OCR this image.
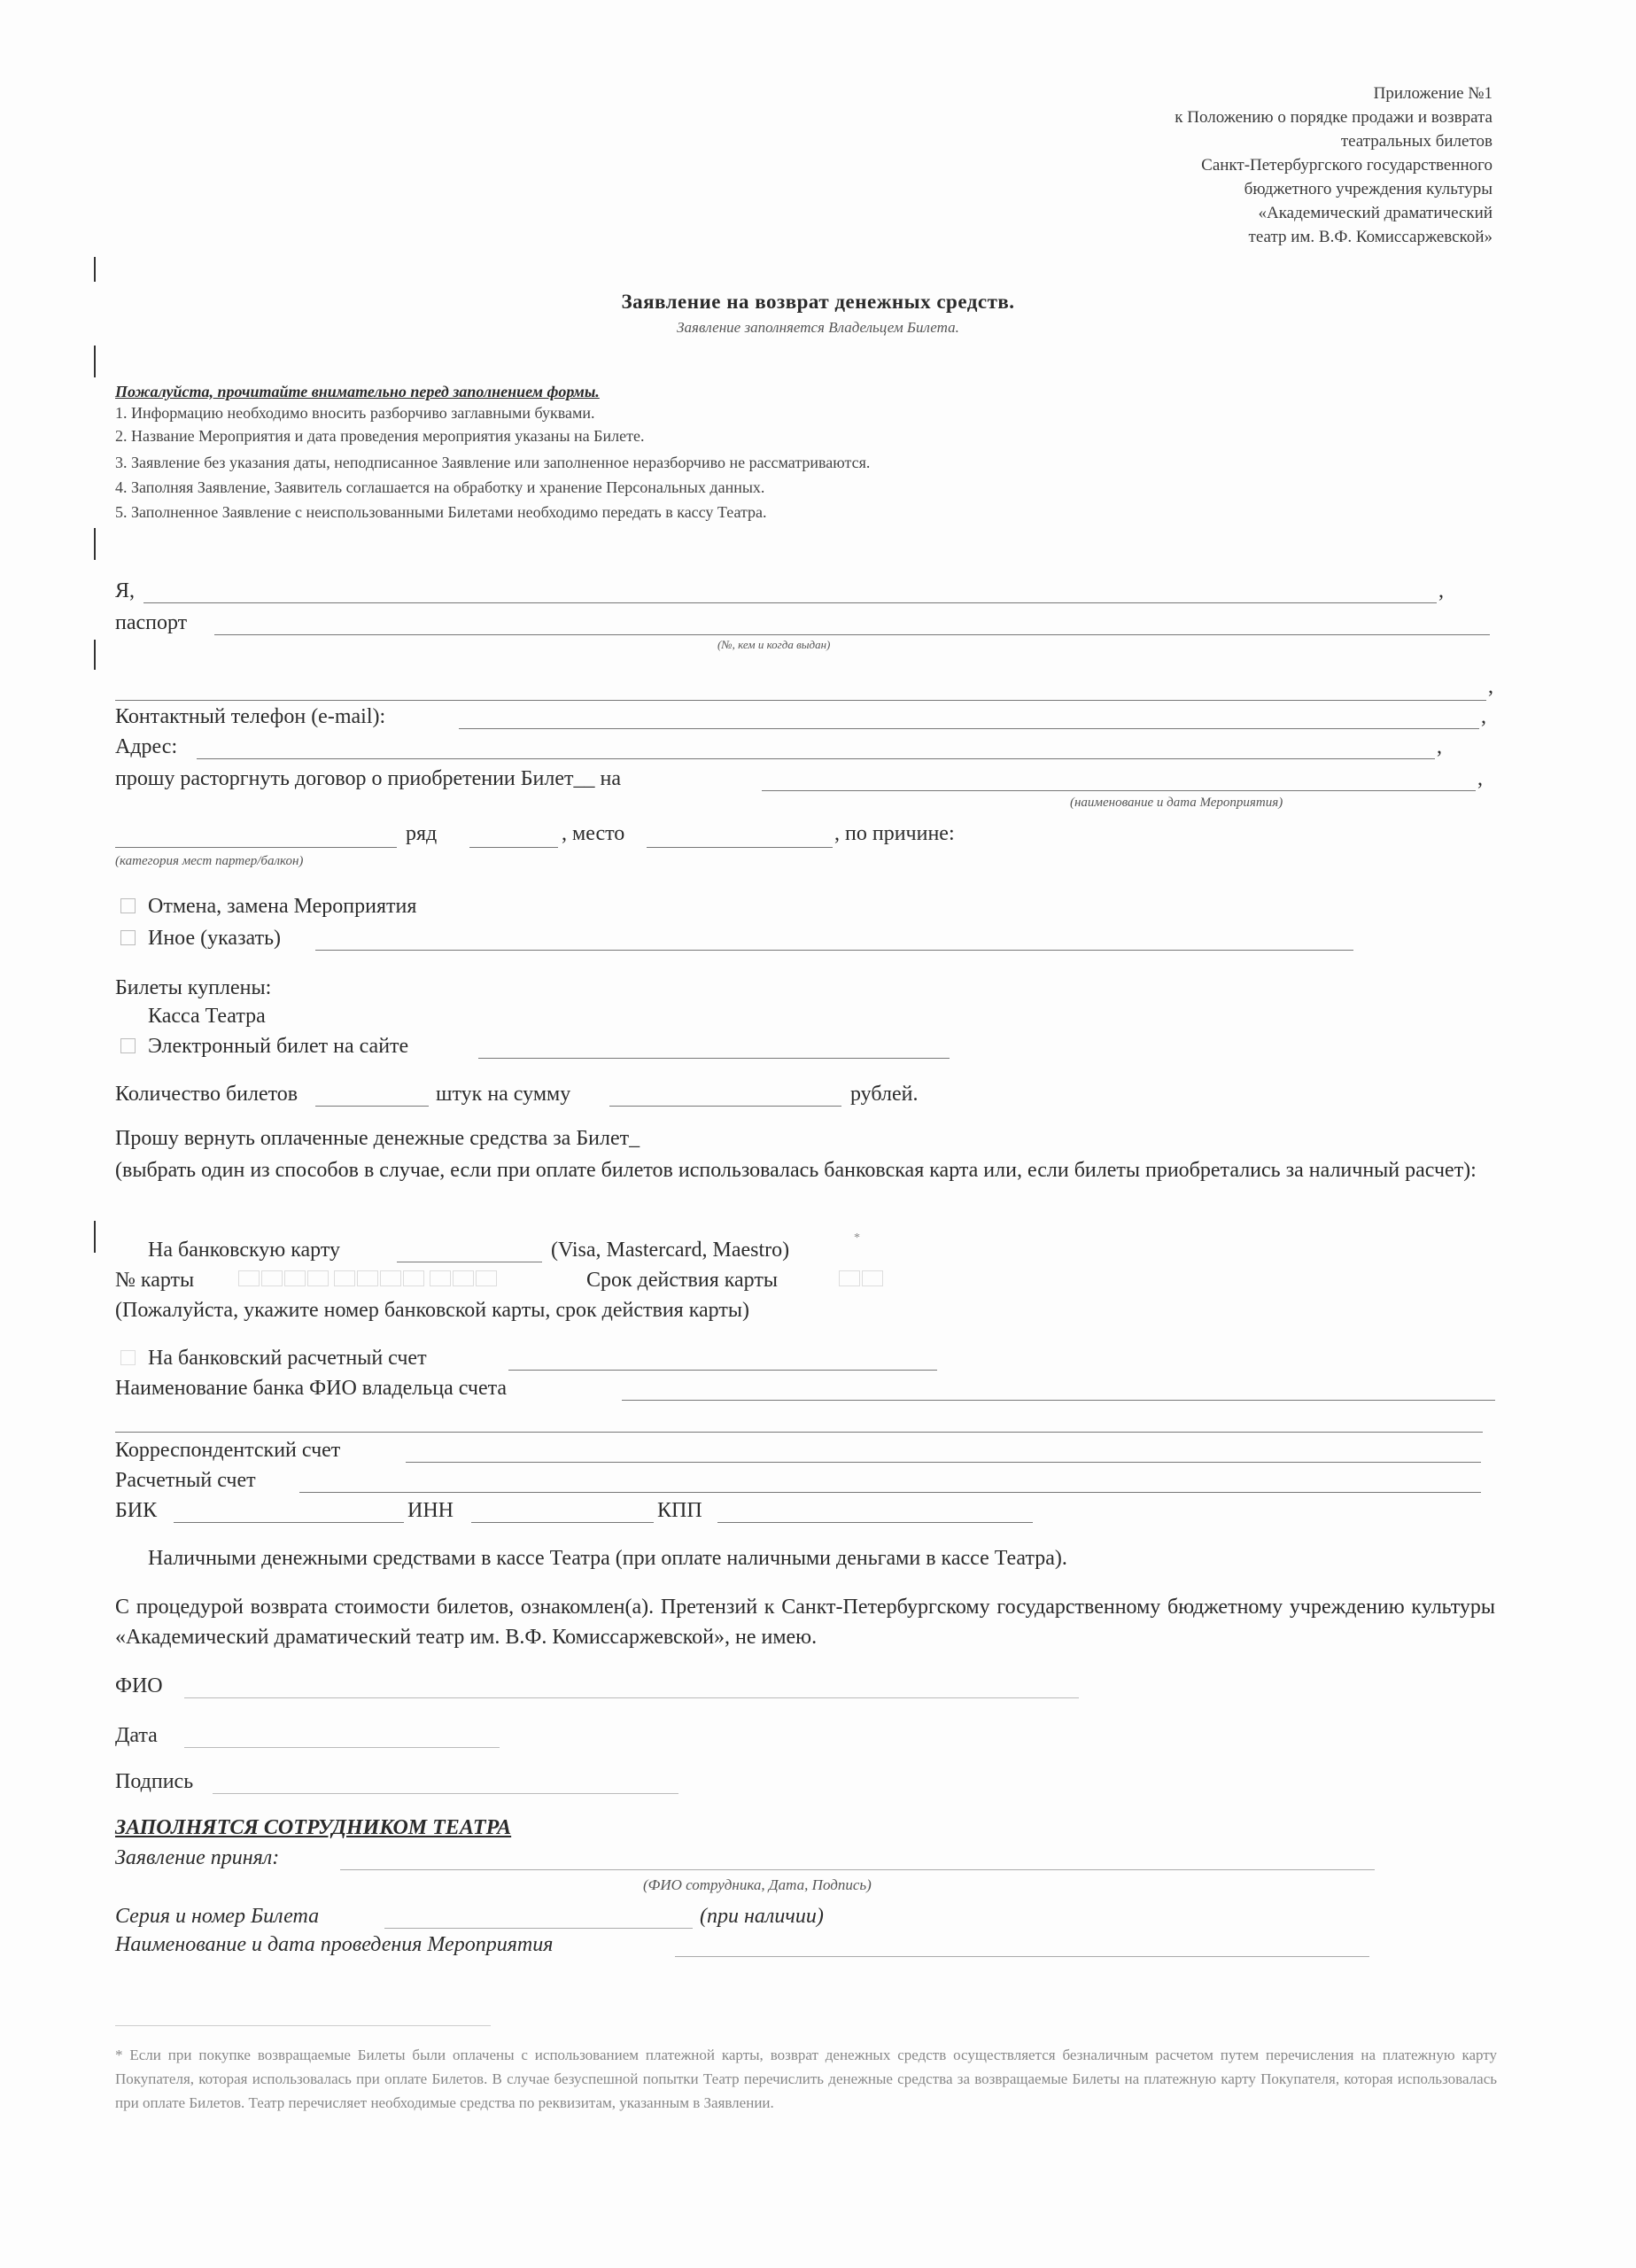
Приложение №1
к Положению о порядке продажи и возврата
театральных билетов
Санкт-Петербургского государственного
бюджетного учреждения культуры
«Академический драматический
театр им. В.Ф. Комиссаржевской»
Заявление на возврат денежных средств.
Заявление заполняется Владельцем Билета.
Пожалуйста, прочитайте внимательно перед заполнением формы.
1. Информацию необходимо вносить разборчиво заглавными буквами.
2. Название Мероприятия и дата проведения мероприятия указаны на Билете.
3. Заявление без указания даты, неподписанное Заявление или заполненное неразборчиво не рассматриваются.
4. Заполняя Заявление, Заявитель соглашается на обработку и хранение Персональных данных.
5. Заполненное Заявление с неиспользованными Билетами необходимо передать в кассу Театра.
Я,	,
паспорт
(№, кем и когда выдан)
,
Контактный телефон (e-mail):	,
Адрес:	,
прошу расторгнуть договор о приобретении Билет__ на	,
(наименование и дата Мероприятия)
ряд	, место	, по причине:
(категория мест партер/балкон)
Отмена, замена Мероприятия
Иное (указать)
Билеты куплены:
Касса Театра
Электронный билет на сайте
Количество билетов	штук на сумму	рублей.
Прошу вернуть оплаченные денежные средства за Билет_
(выбрать один из способов в случае, если при оплате билетов использовалась банковская карта или, если билеты приобретались за наличный расчет):
На банковскую карту	(Visa, Mastercard, Maestro)
*
№ карты
	Срок действия карты
(Пожалуйста, укажите номер банковской карты, срок действия карты)
На банковский расчетный счет
Наименование банка ФИО владельца счета
Корреспондентский счет
Расчетный счет
БИК	ИНН	КПП
Наличными денежными средствами в кассе Театра (при оплате наличными деньгами в кассе Театра).
С процедурой возврата стоимости билетов, ознакомлен(а). Претензий к Санкт-Петербургскому государственному бюджетному учреждению культуры «Академический драматический театр им. В.Ф. Комиссаржевской», не имею.
ФИО
Дата
Подпись
ЗАПОЛНЯТСЯ СОТРУДНИКОМ ТЕАТРА
Заявление принял:
(ФИО сотрудника, Дата, Подпись)
Серия и номер Билета	(при наличии)
Наименование и дата проведения Мероприятия
* Если при покупке возвращаемые Билеты были оплачены с использованием платежной карты, возврат денежных средств осуществляется безналичным расчетом путем перечисления на платежную карту Покупателя, которая использовалась при оплате Билетов. В случае безуспешной попытки Театр перечислить денежные средства за возвращаемые Билеты на платежную карту Покупателя, которая использовалась при оплате Билетов. Театр перечисляет необходимые средства по реквизитам, указанным в Заявлении.
